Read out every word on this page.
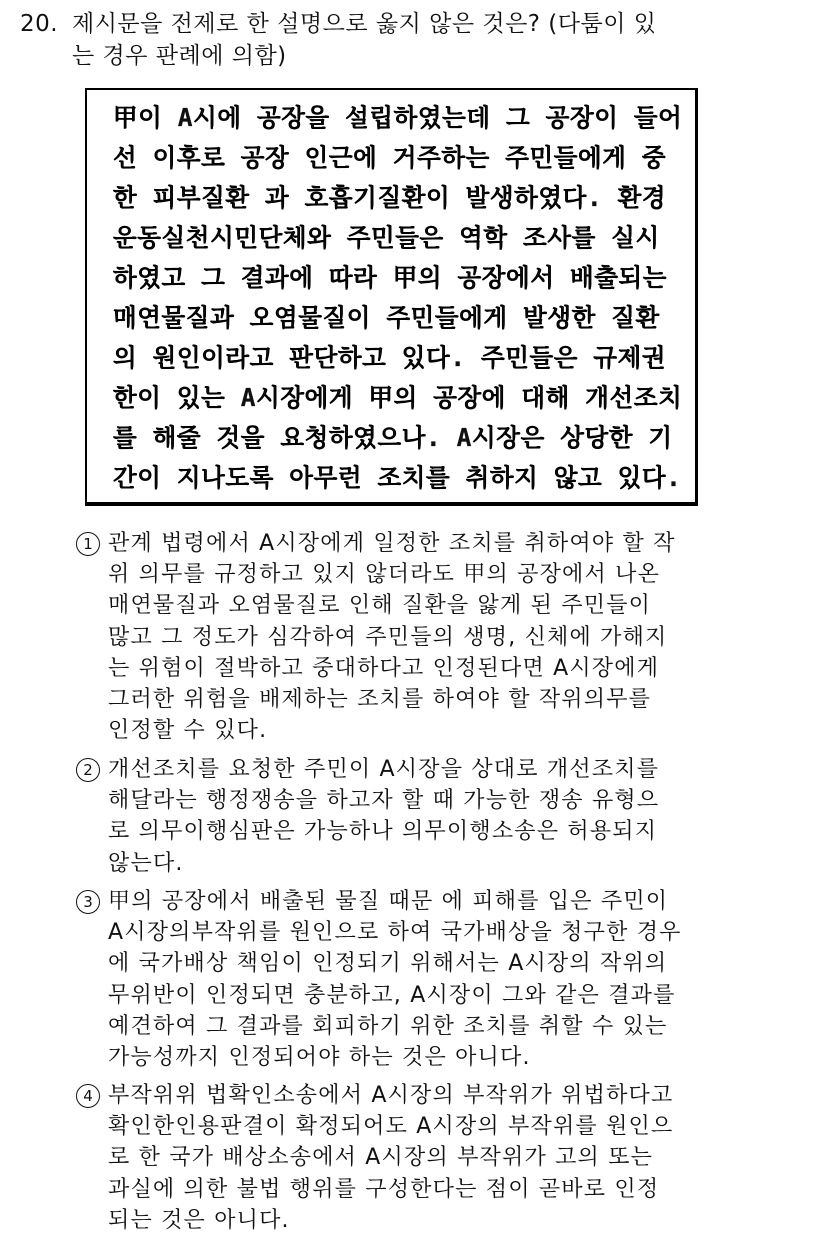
20. 제시문을 전제로 한 설명으로 옳지 않은 것은? (다툼이 있
는 경우 판례에 의함)
甲이 A시에 공장을 설립하였는데 그 공장이 들어
선 이후로 공장 인근에 거주하는 주민들에게 중
한 피부질환 과 호흡기질환이 발생하였다. 환경
운동실천시민단체와 주민들은 역학 조사를 실시
하였고 그 결과에 따라 甲의 공장에서 배출되는
매연물질과 오염물질이 주민들에게 발생한 질환
의 원인이라고 판단하고 있다. 주민들은 규제권
한이 있는 A시장에게 甲의 공장에 대해 개선조치
를 해줄 것을 요청하였으나. A시장은 상당한 기
간이 지나도록 아무런 조치를 취하지 않고 있다.
1 관계 법령에서 A시장에게 일정한 조치를 취하여야 할 작
위 의무를 규정하고 있지 않더라도 甲의 공장에서 나온
매연물질과 오염물질로 인해 질환을 앓게 된 주민들이
많고 그 정도가 심각하여 주민들의 생명, 신체에 가해지
는 위험이 절박하고 중대하다고 인정된다면 A시장에게
그러한 위험을 배제하는 조치를 하여야 할 작위의무를
인정할 수 있다.
2 개선조치를 요청한 주민이 A시장을 상대로 개선조치를
해달라는 행정쟁송을 하고자 할 때 가능한 쟁송 유형으
로 의무이행심판은 가능하나 의무이행소송은 허용되지
않는다.
3 甲의 공장에서 배출된 물질 때문 에 피해를 입은 주민이
A시장의부작위를 원인으로 하여 국가배상을 청구한 경우
에 국가배상 책임이 인정되기 위해서는 A시장의 작위의
무위반이 인정되면 충분하고, A시장이 그와 같은 결과를
예견하여 그 결과를 회피하기 위한 조치를 취할 수 있는
가능성까지 인정되어야 하는 것은 아니다.
4 부작위위 법확인소송에서 A시장의 부작위가 위법하다고
확인한인용판결이 확정되어도 A시장의 부작위를 원인으
로 한 국가 배상소송에서 A시장의 부작위가 고의 또는
과실에 의한 불법 행위를 구성한다는 점이 곧바로 인정
되는 것은 아니다.
